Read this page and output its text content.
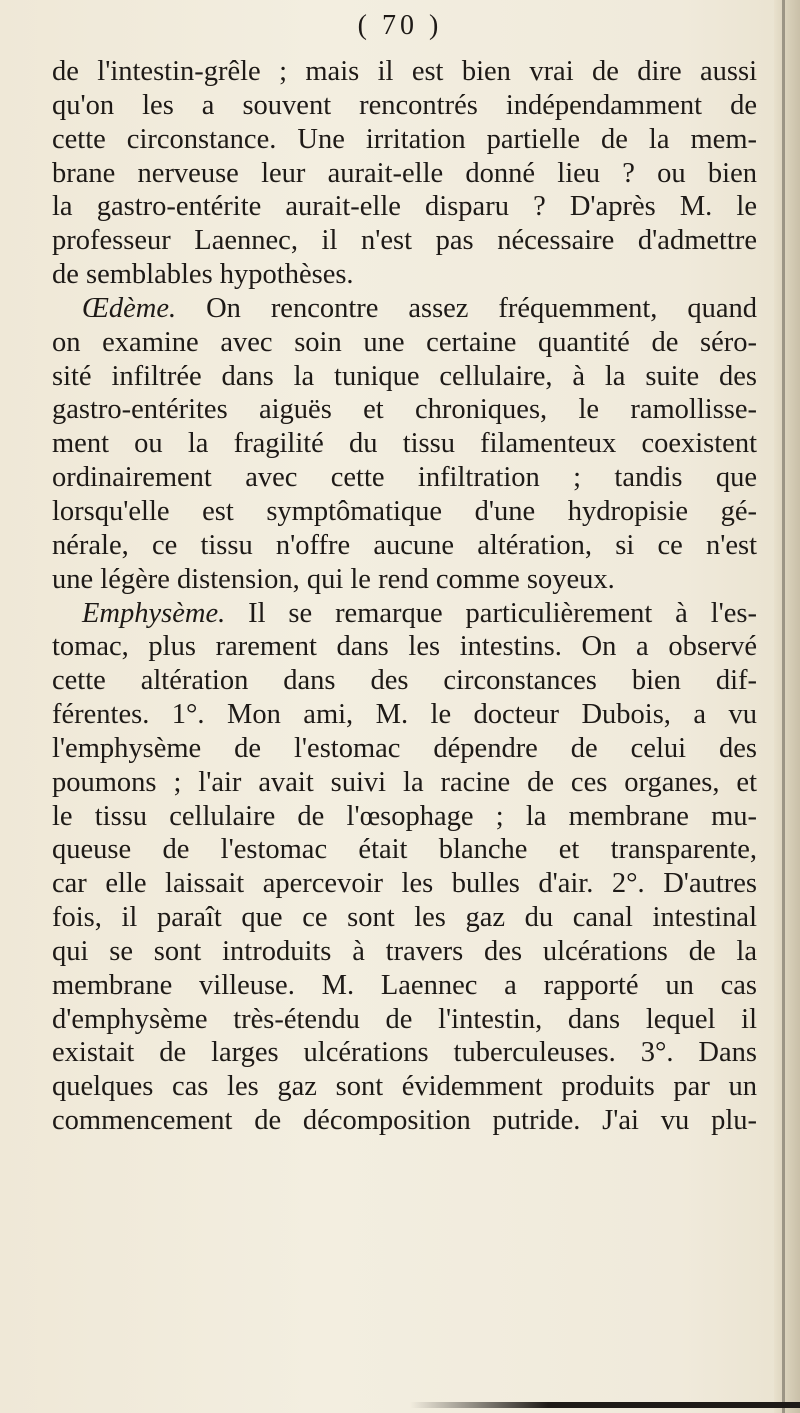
( 70 )
de l'intestin-grêle ; mais il est bien vrai de dire aussi
qu'on les a souvent rencontrés indépendamment de
cette circonstance. Une irritation partielle de la mem-
brane nerveuse leur aurait-elle donné lieu ? ou bien
la gastro-entérite aurait-elle disparu ? D'après M. le
professeur Laennec, il n'est pas nécessaire d'admettre
de semblables hypothèses.
Œdème. On rencontre assez fréquemment, quand
on examine avec soin une certaine quantité de séro-
sité infiltrée dans la tunique cellulaire, à la suite des
gastro-entérites aiguës et chroniques, le ramollisse-
ment ou la fragilité du tissu filamenteux coexistent
ordinairement avec cette infiltration ; tandis que
lorsqu'elle est symptômatique d'une hydropisie gé-
nérale, ce tissu n'offre aucune altération, si ce n'est
une légère distension, qui le rend comme soyeux.
Emphysème. Il se remarque particulièrement à l'es-
tomac, plus rarement dans les intestins. On a observé
cette altération dans des circonstances bien dif-
férentes. 1°. Mon ami, M. le docteur Dubois, a vu
l'emphysème de l'estomac dépendre de celui des
poumons ; l'air avait suivi la racine de ces organes, et
le tissu cellulaire de l'œsophage ; la membrane mu-
queuse de l'estomac était blanche et transparente,
car elle laissait apercevoir les bulles d'air. 2°. D'autres
fois, il paraît que ce sont les gaz du canal intestinal
qui se sont introduits à travers des ulcérations de la
membrane villeuse. M. Laennec a rapporté un cas
d'emphysème très-étendu de l'intestin, dans lequel il
existait de larges ulcérations tuberculeuses. 3°. Dans
quelques cas les gaz sont évidemment produits par un
commencement de décomposition putride. J'ai vu plu-
